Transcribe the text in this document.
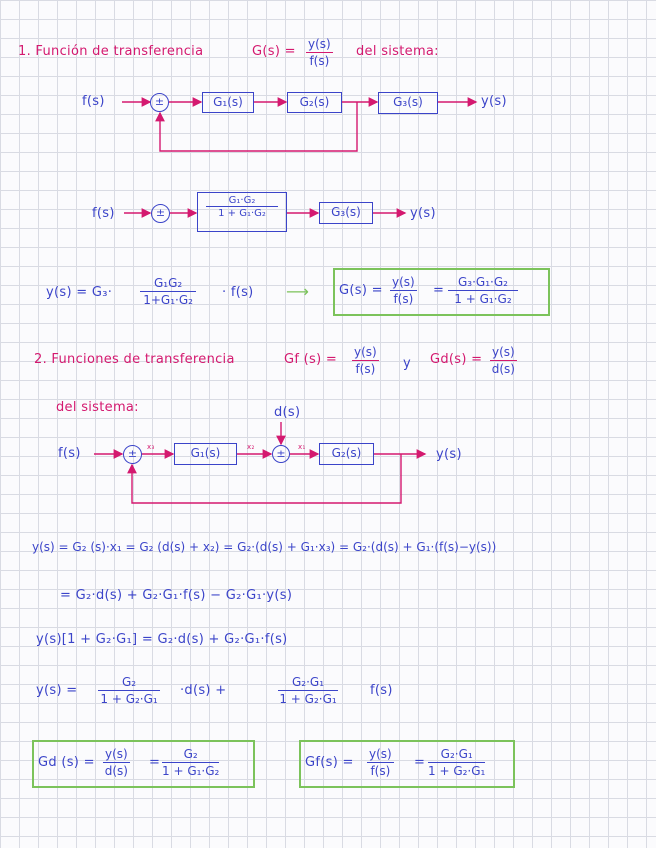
1. Función de transferencia	$G(s) = \frac{y(s)}{f(s)}$ del sistema:
f(s)	±	G₁(s)	G₂(s)	G₃(s)	y(s)
f(s)	±	$\frac{\text{G₁·G₂}}{\text{1 + G₁·G₂}}$	G₃(s)	y(s)
$y(s) = G_3\cdot \frac{\text{G₁G₂}}{\text{1+G₁·G₂}} \cdot f(s)$ ⟶ $G(s) = \frac{y(s)}{f(s)} = \frac{\text{G₃·G₁·G₂}}{\text{1 + G₁·G₂}}$
2. Funciones de transferencia	Gf $(s) = \frac{y(s)}{f(s)}$ y $Gd(s) = \frac{y(s)}{d(s)}$
del sistema:
f(s)	±	x₃	G₁(s)	x₂
d(s)
±	x₁	G₂(s)	y(s)
y(s) = G₂ (s)·x₁ = G₂ (d(s) + x₂) = G₂·(d(s) + G₁·x₃) = G₂·(d(s) + G₁·(f(s)−y(s))
= G₂·d(s) + G₂·G₁·f(s) − G₂·G₁·y(s)
y(s)[1 + G₂·G₁] = G₂·d(s) + G₂·G₁·f(s)
$y(s) = \frac{\text{G₂}}{\text{1 + G₂·G₁}} \cdot d(s)$ +	$\frac{\text{G₂·G₁}}{\text{1 + G₂·G₁}} f(s)$
Gd $(s) = \frac{y(s)}{d(s)} = \frac{\text{G₂}}{\text{1 + G₁·G₂}}$	$Gf(s) = \frac{y(s)}{f(s)} = \frac{\text{G₂·G₁}}{\text{1 + G₂·G₁}}$
